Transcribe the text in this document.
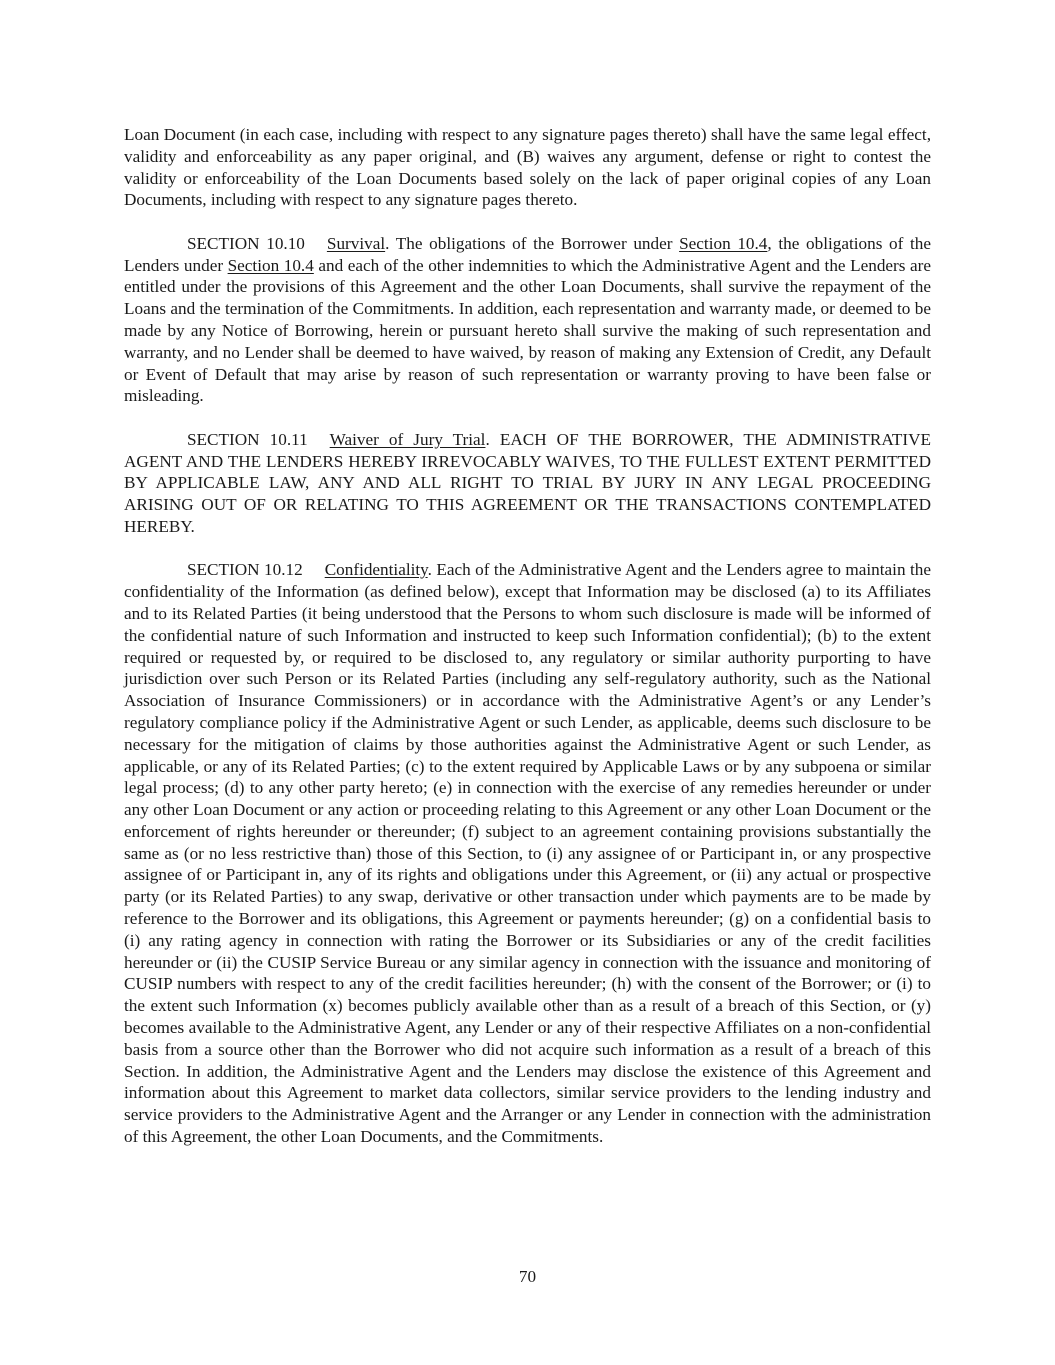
Loan Document (in each case, including with respect to any signature pages thereto) shall have the same legal effect, validity and enforceability as any paper original, and (B) waives any argument, defense or right to contest the validity or enforceability of the Loan Documents based solely on the lack of paper original copies of any Loan Documents, including with respect to any signature pages thereto.

SECTION 10.10 Survival. The obligations of the Borrower under Section 10.4, the obligations of the Lenders under Section 10.4 and each of the other indemnities to which the Administrative Agent and the Lenders are entitled under the provisions of this Agreement and the other Loan Documents, shall survive the repayment of the Loans and the termination of the Commitments. In addition, each representation and warranty made, or deemed to be made by any Notice of Borrowing, herein or pursuant hereto shall survive the making of such representation and warranty, and no Lender shall be deemed to have waived, by reason of making any Extension of Credit, any Default or Event of Default that may arise by reason of such representation or warranty proving to have been false or misleading.

SECTION 10.11 Waiver of Jury Trial. EACH OF THE BORROWER, THE ADMINISTRATIVE AGENT AND THE LENDERS HEREBY IRREVOCABLY WAIVES, TO THE FULLEST EXTENT PERMITTED BY APPLICABLE LAW, ANY AND ALL RIGHT TO TRIAL BY JURY IN ANY LEGAL PROCEEDING ARISING OUT OF OR RELATING TO THIS AGREEMENT OR THE TRANSACTIONS CONTEMPLATED HEREBY.

SECTION 10.12 Confidentiality. Each of the Administrative Agent and the Lenders agree to maintain the confidentiality of the Information (as defined below), except that Information may be disclosed (a) to its Affiliates and to its Related Parties (it being understood that the Persons to whom such disclosure is made will be informed of the confidential nature of such Information and instructed to keep such Information confidential); (b) to the extent required or requested by, or required to be disclosed to, any regulatory or similar authority purporting to have jurisdiction over such Person or its Related Parties (including any self-regulatory authority, such as the National Association of Insurance Commissioners) or in accordance with the Administrative Agent’s or any Lender’s regulatory compliance policy if the Administrative Agent or such Lender, as applicable, deems such disclosure to be necessary for the mitigation of claims by those authorities against the Administrative Agent or such Lender, as applicable, or any of its Related Parties; (c) to the extent required by Applicable Laws or by any subpoena or similar legal process; (d) to any other party hereto; (e) in connection with the exercise of any remedies hereunder or under any other Loan Document or any action or proceeding relating to this Agreement or any other Loan Document or the enforcement of rights hereunder or thereunder; (f) subject to an agreement containing provisions substantially the same as (or no less restrictive than) those of this Section, to (i) any assignee of or Participant in, or any prospective assignee of or Participant in, any of its rights and obligations under this Agreement, or (ii) any actual or prospective party (or its Related Parties) to any swap, derivative or other transaction under which payments are to be made by reference to the Borrower and its obligations, this Agreement or payments hereunder; (g) on a confidential basis to (i) any rating agency in connection with rating the Borrower or its Subsidiaries or any of the credit facilities hereunder or (ii) the CUSIP Service Bureau or any similar agency in connection with the issuance and monitoring of CUSIP numbers with respect to any of the credit facilities hereunder; (h) with the consent of the Borrower; or (i) to the extent such Information (x) becomes publicly available other than as a result of a breach of this Section, or (y) becomes available to the Administrative Agent, any Lender or any of their respective Affiliates on a non-confidential basis from a source other than the Borrower who did not acquire such information as a result of a breach of this Section. In addition, the Administrative Agent and the Lenders may disclose the existence of this Agreement and information about this Agreement to market data collectors, similar service providers to the lending industry and service providers to the Administrative Agent and the Arranger or any Lender in connection with the administration of this Agreement, the other Loan Documents, and the Commitments.

70
